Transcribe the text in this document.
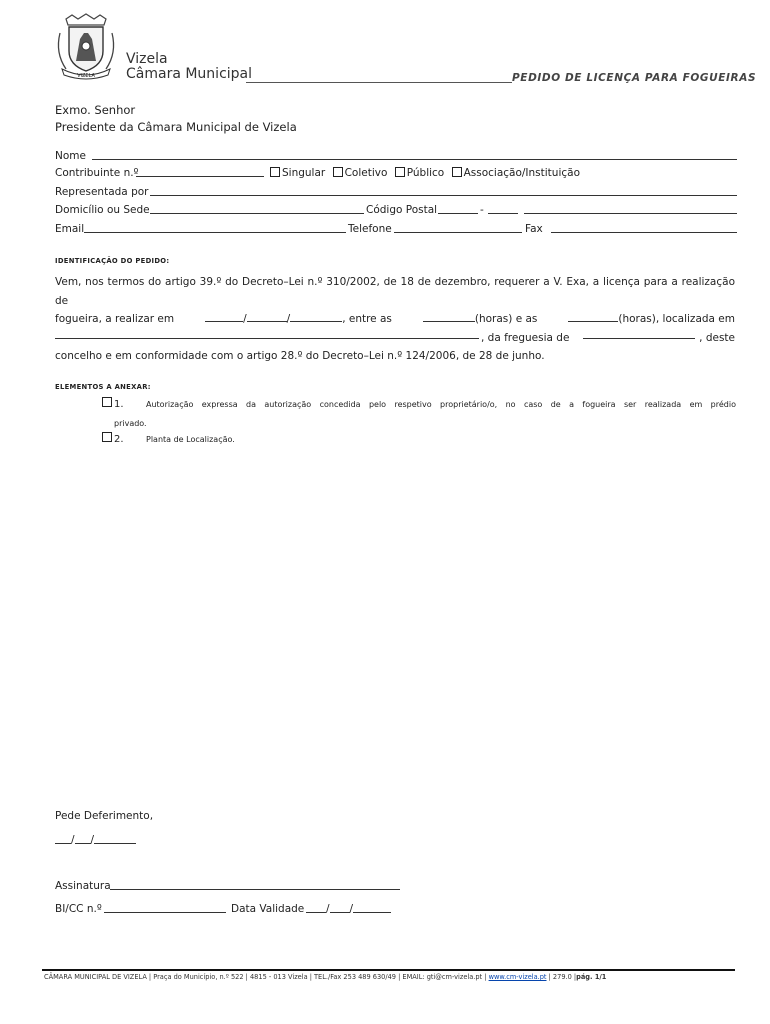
VIZELA
Vizela
Câmara Municipal	PEDIDO DE LICENÇA PARA FOGUEIRAS
Exmo. Senhor
Presidente da Câmara Municipal de Vizela
Nome
Contribuinte n.º	Singular Coletivo Público Associação/Instituição
Representada por
Domicílio ou Sede	Código Postal	-
Email	Telefone	Fax
IDENTIFICAÇÃO DO PEDIDO:
Vem, nos termos do artigo 39.º do Decreto–Lei n.º 310/2002, de 18 de dezembro, requerer a V. Exa, a licença para a realização de
fogueira, a realizar em	/	/	, entre as	(horas) e as	(horas), localizada em
, da freguesia de	, deste
concelho e em conformidade com o artigo 28.º do Decreto–Lei n.º 124/2006, de 28 de junho.
ELEMENTOS A ANEXAR:
1.	Autorização expressa da autorização concedida pelo respetivo proprietário/o, no caso de a fogueira ser realizada em prédio
privado.
2.	Planta de Localização.
Pede Deferimento,
/ /
Assinatura
BI/CC n.º	Data Validade / /
CÂMARA MUNICIPAL DE VIZELA | Praça do Município, n.º 522 | 4815 - 013 Vizela | TEL./Fax 253 489 630/49 | EMAIL: gti@cm-vizela.pt | www.cm-vizela.pt | 279.0 |pág. 1/1
